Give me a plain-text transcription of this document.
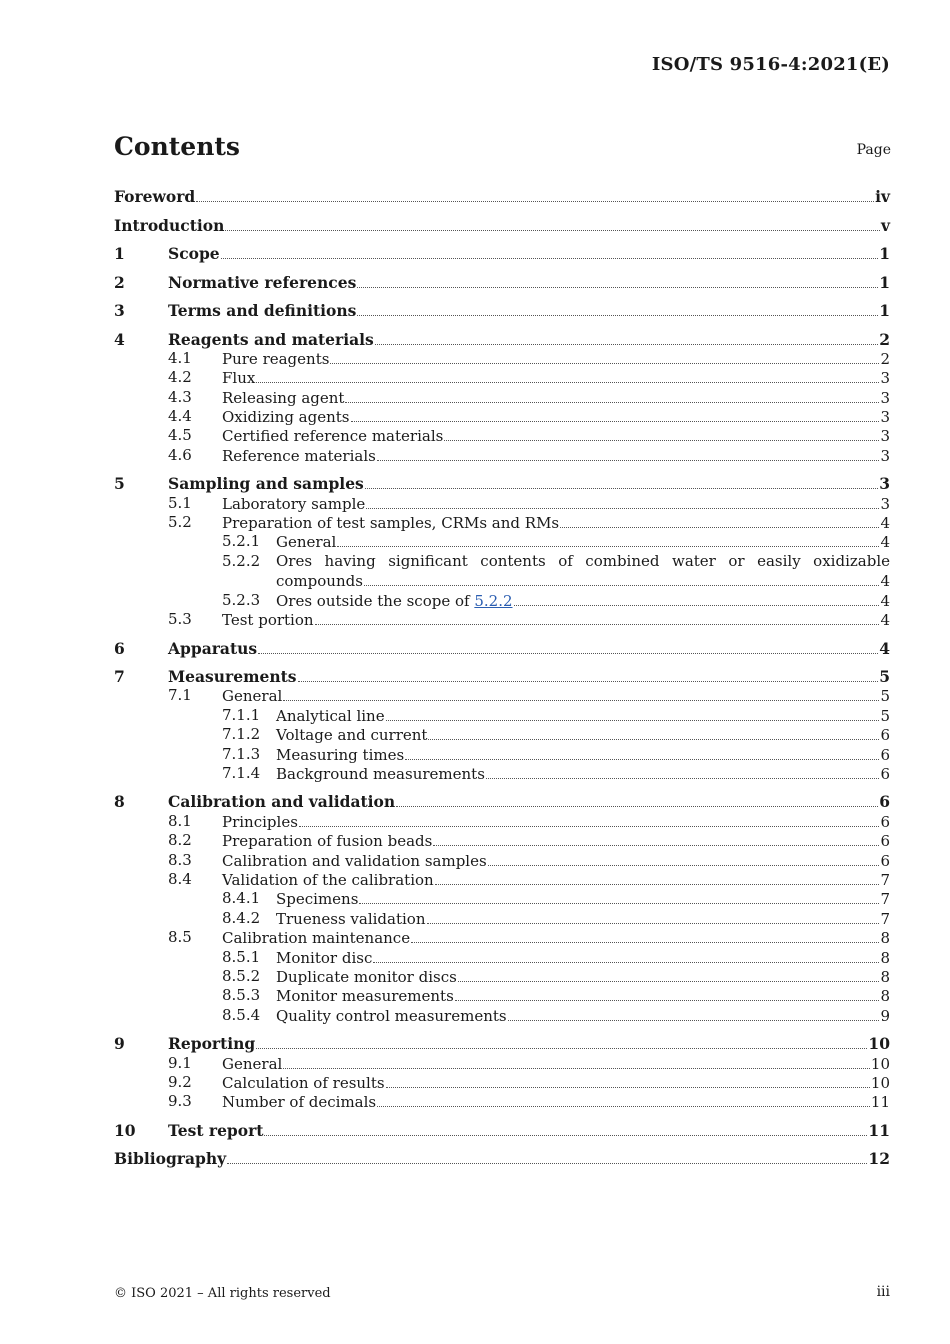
ISO/TS 9516-4:2021(E)
Contents	Page
Foreword	iv
Introduction	v
1	Scope	1
2	Normative references	1
3	Terms and definitions	1
4	Reagents and materials	2
4.1 Pure reagents	2
4.2 Flux	3
4.3 Releasing agent	3
4.4 Oxidizing agents	3
4.5 Certified reference materials	3
4.6 Reference materials	3
5	Sampling and samples	3
5.1 Laboratory sample	3
5.2 Preparation of test samples, CRMs and RMs	4
5.2.1 General	4
5.2.2 Ores having significant contents of combined water or easily oxidizable
compounds	4
5.2.3 Ores outside the scope of 5.2.2	4
5.3 Test portion	4
6	Apparatus	4
7	Measurements	5
7.1 General	5
7.1.1 Analytical line	5
7.1.2 Voltage and current	6
7.1.3 Measuring times	6
7.1.4 Background measurements	6
8	Calibration and validation	6
8.1 Principles	6
8.2 Preparation of fusion beads	6
8.3 Calibration and validation samples	6
8.4 Validation of the calibration	7
8.4.1 Specimens	7
8.4.2 Trueness validation	7
8.5 Calibration maintenance	8
8.5.1 Monitor disc	8
8.5.2 Duplicate monitor discs	8
8.5.3 Monitor measurements	8
8.5.4 Quality control measurements	9
9	Reporting	10
9.1 General	10
9.2 Calculation of results	10
9.3 Number of decimals	11
10 Test report	11
Bibliography	12
© ISO 2021 – All rights reserved	iii
